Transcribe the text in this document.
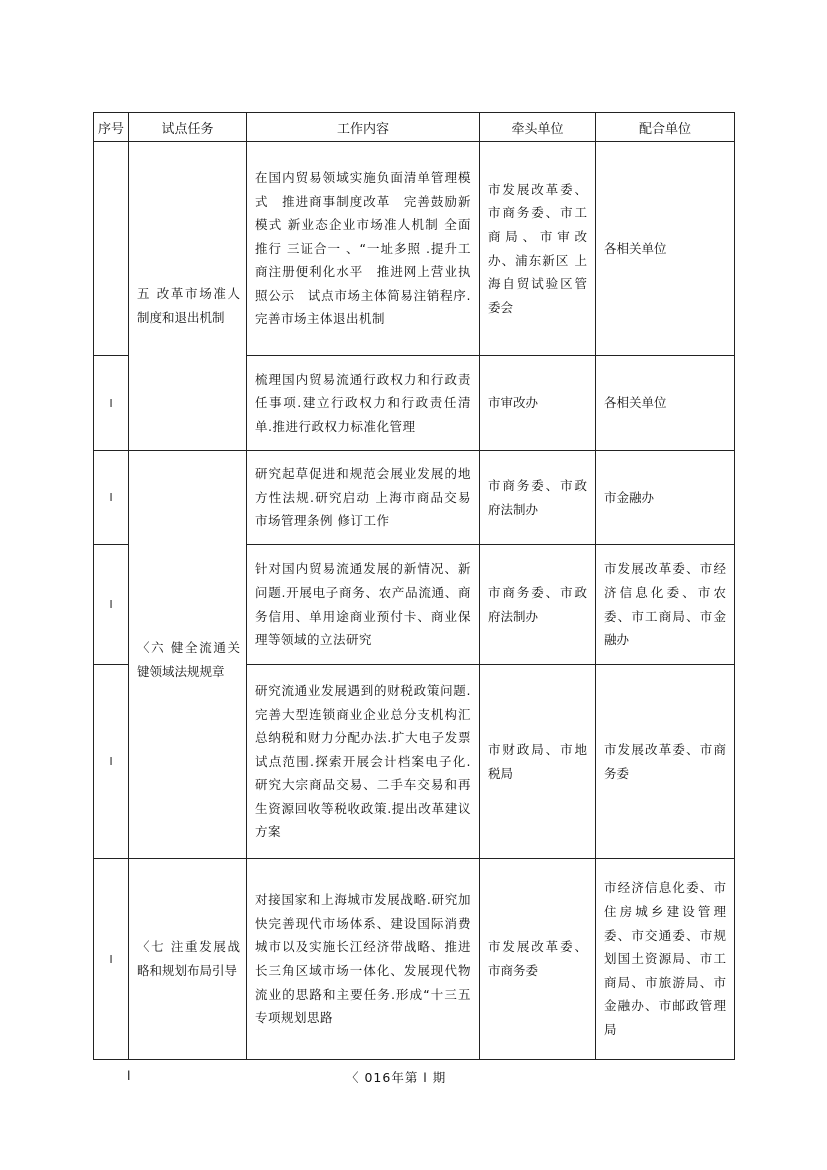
序号	试点任务	工作内容	牵头单位	配合单位
	五 改革市场准人制度和退出机制	在国内贸易领域实施负面清单管理模式　推进商事制度改革　完善鼓励新模式 新业态企业市场准人机制 全面推行 三证合一 、“一址多照 .提升工商注册便利化水平　推进网上营业执照公示　试点市场主体简易注销程序.完善市场主体退出机制	市发展改革委、市商务委、市工商局、市审改办、浦东新区 上海自贸试验区管委会	各相关单位
l		梳理国内贸易流通行政权力和行政责任事项.建立行政权力和行政责任清单.推进行政权力标准化管理	市审改办	各相关单位
l	〈六 健全流通关键领域法规规章	研究起草促进和规范会展业发展的地方性法规.研究启动 上海市商品交易市场管理条例 修订工作	市商务委、市政府法制办	市金融办
l		针对国内贸易流通发展的新情况、新问题.开展电子商务、农产品流通、商务信用、单用途商业预付卡、商业保理等领域的立法研究	市商务委、市政府法制办	市发展改革委、市经济信息化委、市农委、市工商局、市金融办
l		研究流通业发展遇到的财税政策问题.完善大型连锁商业企业总分支机构汇总纳税和财力分配办法.扩大电子发票试点范围.探索开展会计档案电子化.研究大宗商品交易、二手车交易和再生资源回收等税收政策.提出改革建议方案	市财政局、市地税局	市发展改革委、市商务委
l	〈七 注重发展战略和规划布局引导	对接国家和上海城市发展战略.研究加快完善现代市场体系、建设国际消费城市以及实施长江经济带战略、推进长三角区域市场一体化、发展现代物流业的思路和主要任务.形成“十三五 专项规划思路	市发展改革委、市商务委	市经济信息化委、市住房城乡建设管理委、市交通委、市规划国土资源局、市工商局、市旅游局、市金融办、市邮政管理局
l	〈 016年第 l 期
